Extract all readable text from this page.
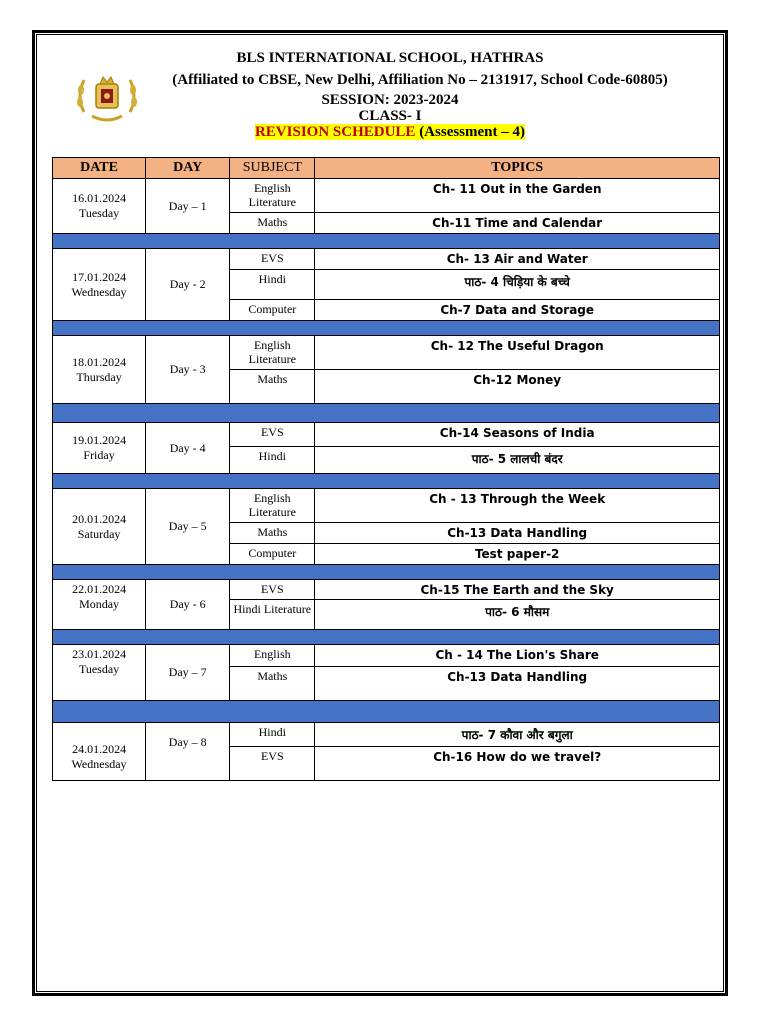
BLS INTERNATIONAL SCHOOL, HATHRAS
(Affiliated to CBSE, New Delhi, Affiliation No – 2131917, School Code-60805)
SESSION: 2023-2024
CLASS- I
REVISION SCHEDULE (Assessment – 4)
DATE	DAY	SUBJECT	TOPICS

16.01.2024
Tuesday	Day – 1	English Literature	Ch- 11 Out in the Garden
		Maths	Ch-11 Time and Calendar

17.01.2024
Wednesday	Day - 2	EVS	Ch- 13 Air and Water
		Hindi	पाठ- 4 चिड़िया के बच्चे
		Computer	Ch-7 Data and Storage

18.01.2024
Thursday	Day - 3	English Literature	Ch- 12 The Useful Dragon
		Maths	Ch-12 Money

19.01.2024
Friday	Day - 4	EVS	Ch-14 Seasons of India
		Hindi	पाठ- 5 लालची बंदर

20.01.2024
Saturday	Day – 5	English Literature	Ch - 13 Through the Week
		Maths	Ch-13 Data Handling
		Computer	Test paper-2

22.01.2024
Monday	Day - 6	EVS	Ch-15 The Earth and the Sky
		Hindi Literature	पाठ- 6 मौसम

23.01.2024
Tuesday	Day – 7	English	Ch - 14 The Lion's Share
		Maths	Ch-13 Data Handling

24.01.2024
Wednesday	Day – 8	Hindi	पाठ- 7 कौवा और बगुला
		EVS	Ch-16 How do we travel?
